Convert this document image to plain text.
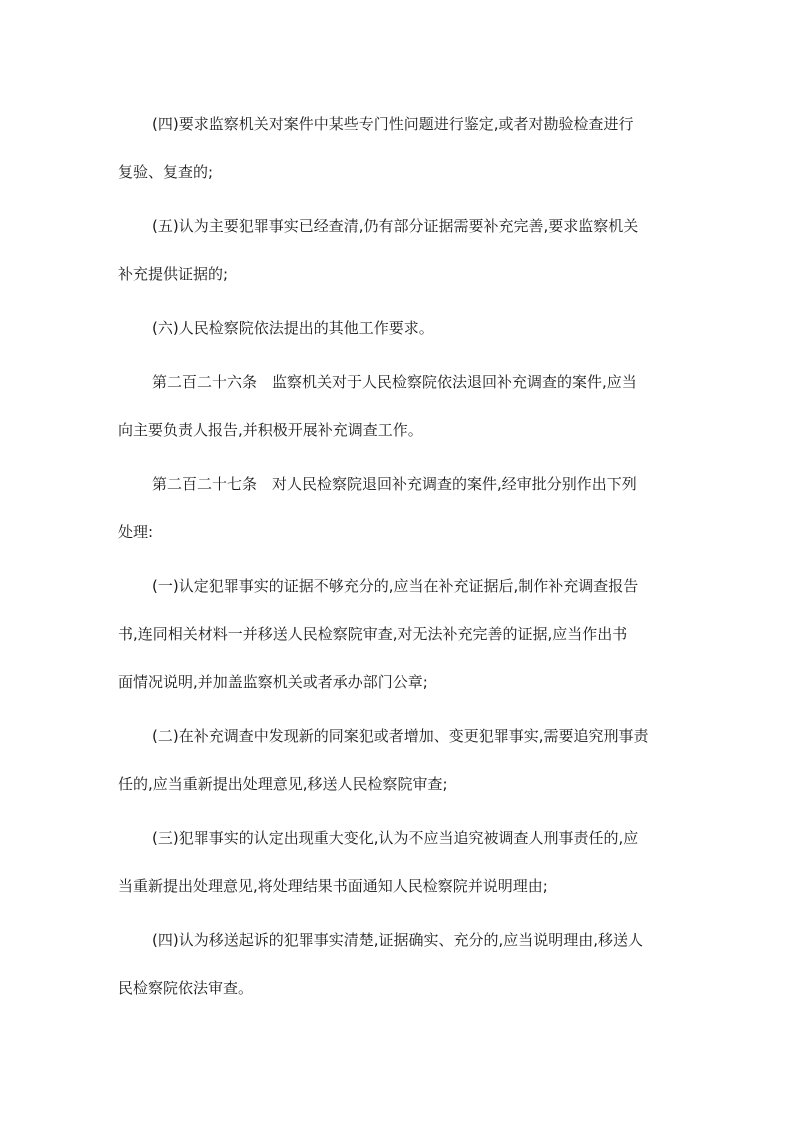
(四)要求监察机关对案件中某些专门性问题进行鉴定,或者对勘验检查进行
复验、复查的;
(五)认为主要犯罪事实已经查清,仍有部分证据需要补充完善,要求监察机关
补充提供证据的;
(六)人民检察院依法提出的其他工作要求。
第二百二十六条　监察机关对于人民检察院依法退回补充调查的案件,应当
向主要负责人报告,并积极开展补充调查工作。
第二百二十七条　对人民检察院退回补充调查的案件,经审批分别作出下列
处理:
(一)认定犯罪事实的证据不够充分的,应当在补充证据后,制作补充调查报告
书,连同相关材料一并移送人民检察院审查,对无法补充完善的证据,应当作出书
面情况说明,并加盖监察机关或者承办部门公章;
(二)在补充调查中发现新的同案犯或者增加、变更犯罪事实,需要追究刑事责
任的,应当重新提出处理意见,移送人民检察院审查;
(三)犯罪事实的认定出现重大变化,认为不应当追究被调查人刑事责任的,应
当重新提出处理意见,将处理结果书面通知人民检察院并说明理由;
(四)认为移送起诉的犯罪事实清楚,证据确实、充分的,应当说明理由,移送人
民检察院依法审查。
